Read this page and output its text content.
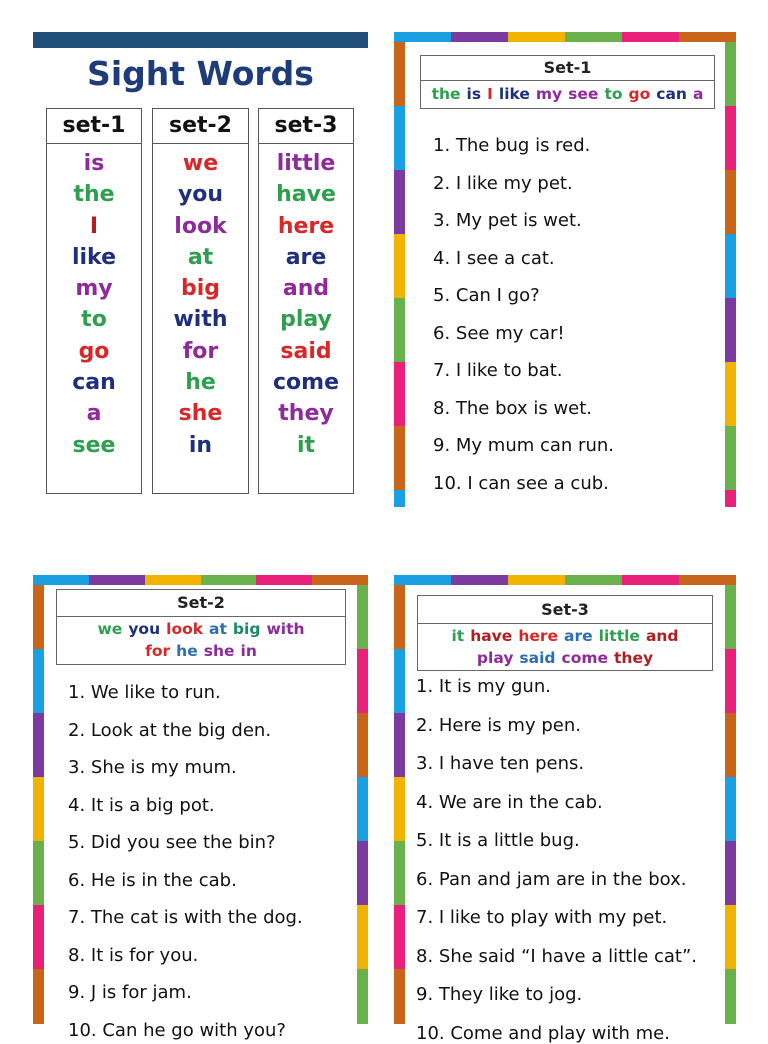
Sight Words
set-1
is
the
I
like
my
to
go
can
a
see
set-2
we
you
look
at
big
with
for
he
she
in
set-3
little
have
here
are
and
play
said
come
they
it
Set-1
the is I like my see to go can a
1. The bug is red.
2. I like my pet.
3. My pet is wet.
4. I see a cat.
5. Can I go?
6. See my car!
7. I like to bat.
8. The box is wet.
9. My mum can run.
10. I can see a cub.
Set-2
we you look at big with
for he she in
1. We like to run.
2. Look at the big den.
3. She is my mum.
4. It is a big pot.
5. Did you see the bin?
6. He is in the cab.
7. The cat is with the dog.
8. It is for you.
9. J is for jam.
10. Can he go with you?
Set-3
it have here are little and
play said come they
1. It is my gun.
2. Here is my pen.
3. I have ten pens.
4. We are in the cab.
5. It is a little bug.
6. Pan and jam are in the box.
7. I like to play with my pet.
8. She said “I have a little cat”.
9. They like to jog.
10. Come and play with me.
